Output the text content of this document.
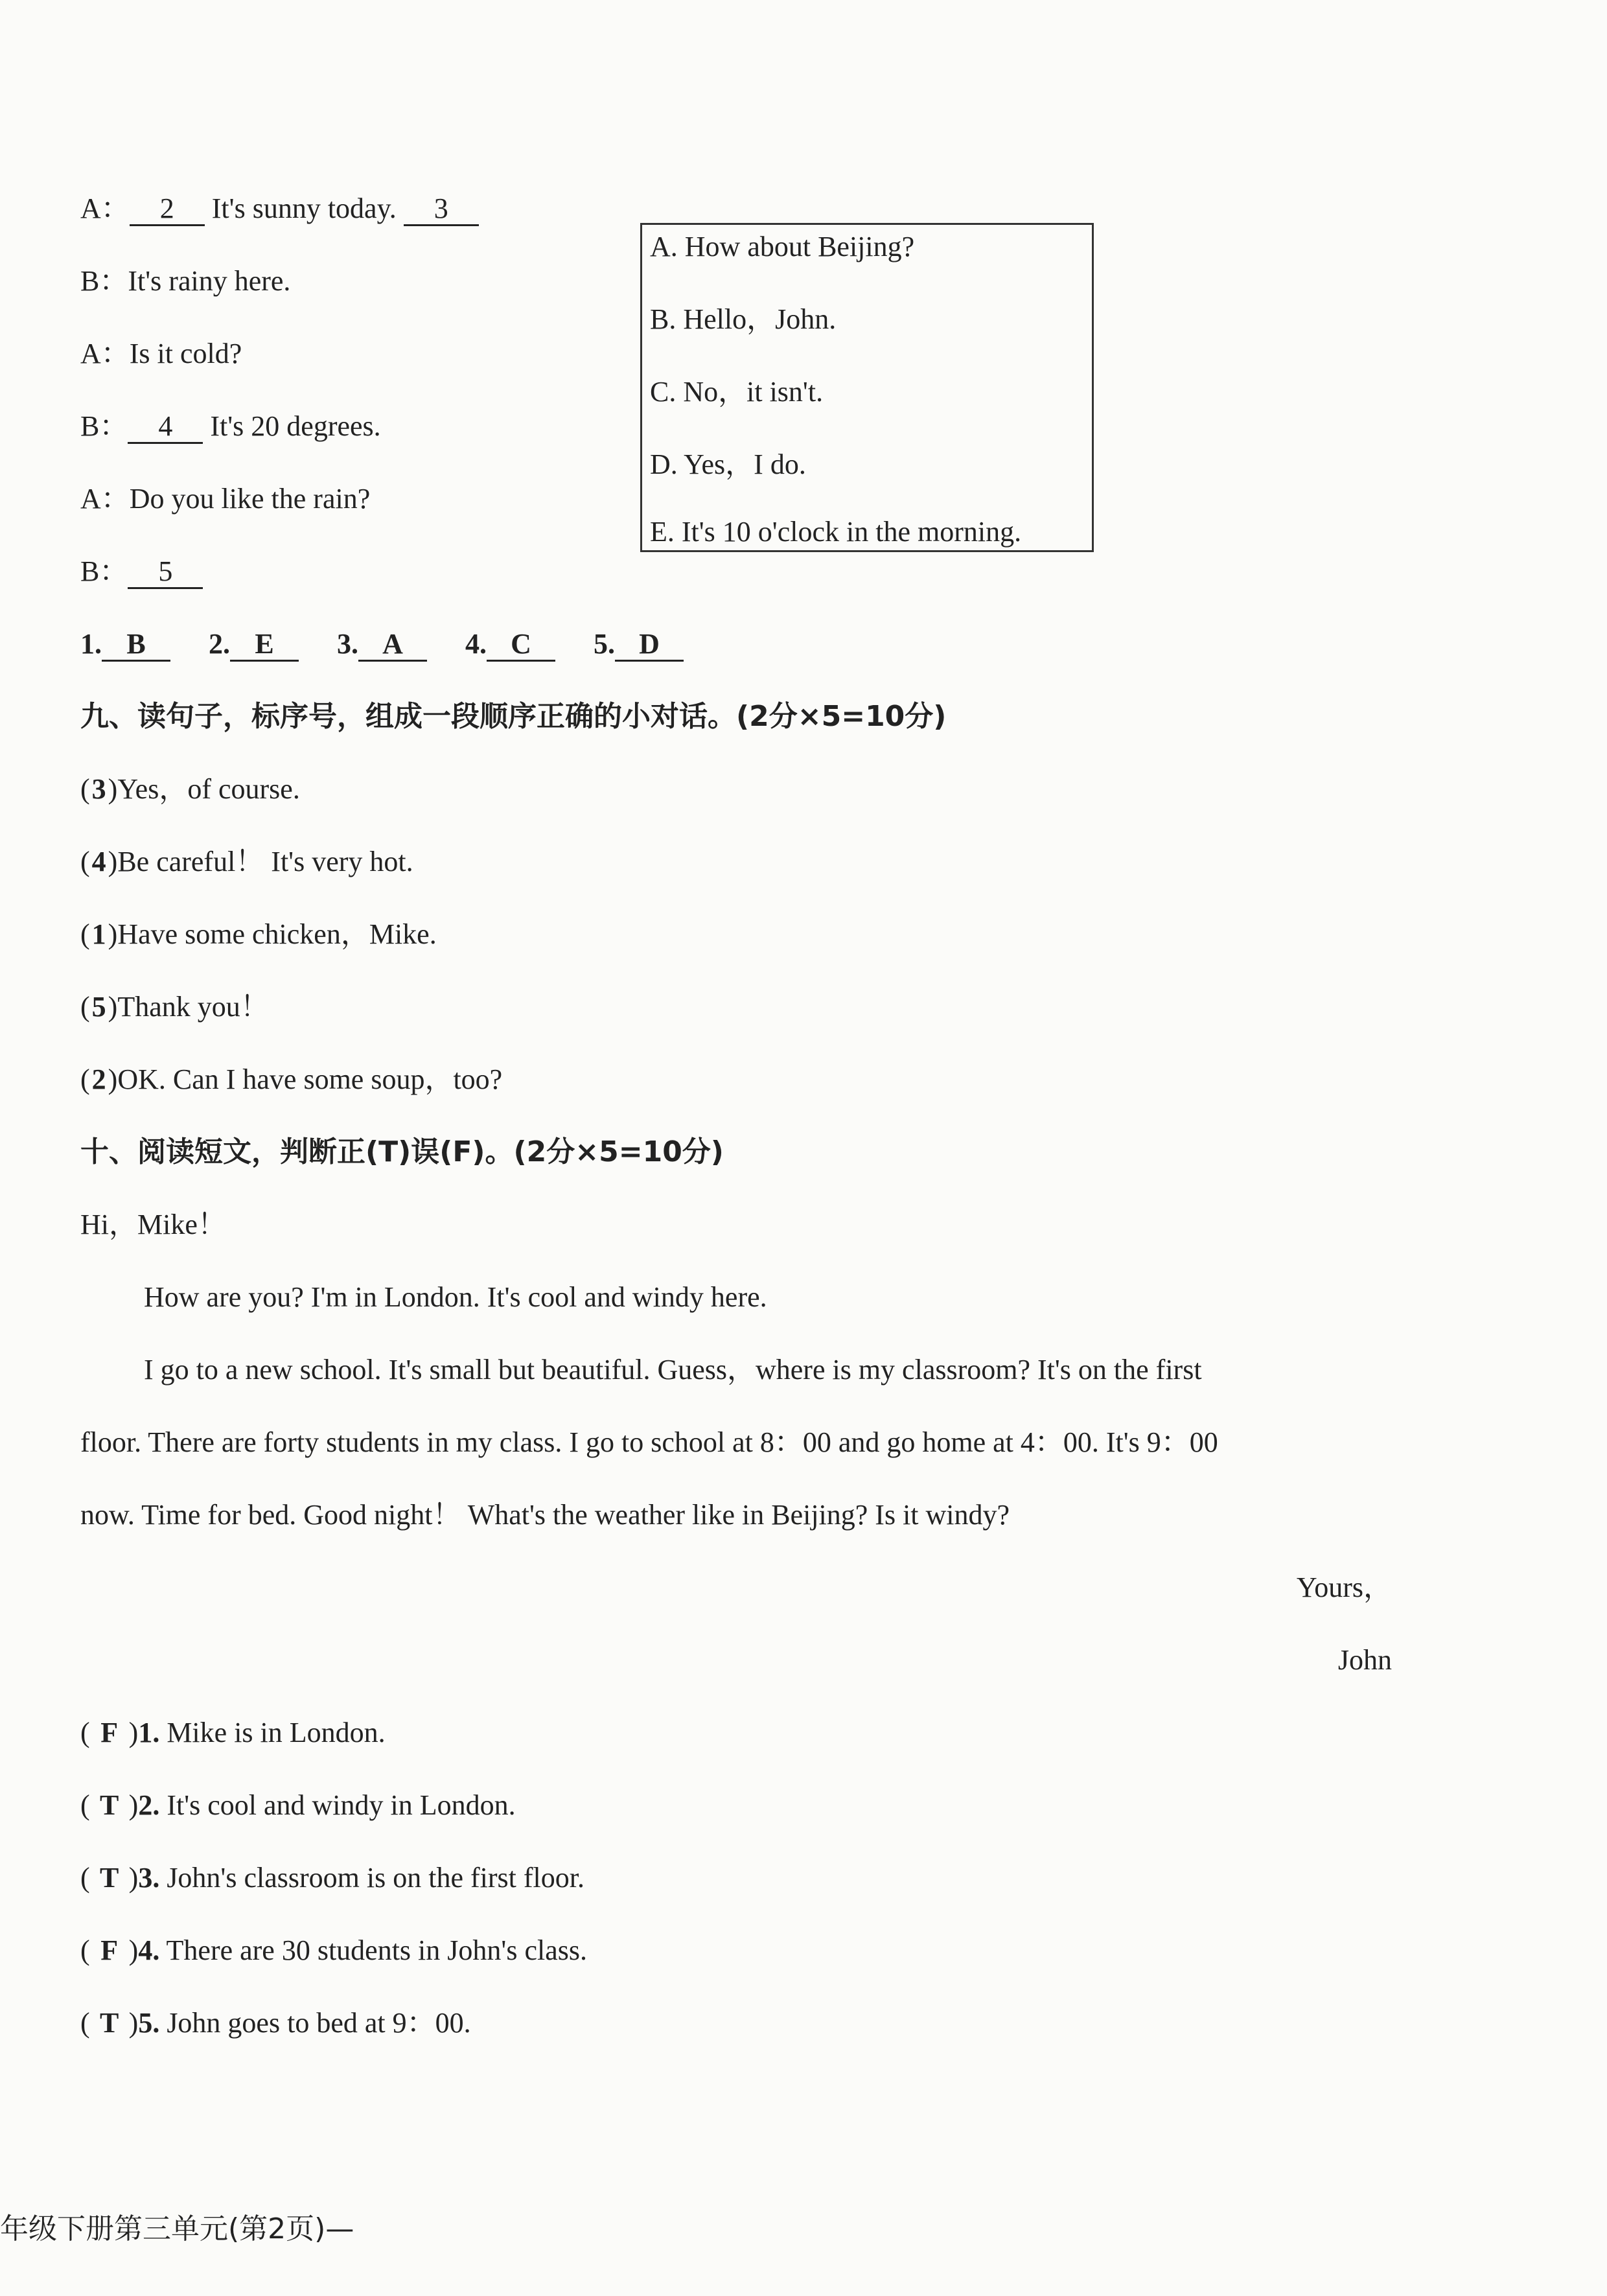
A： 2 It's sunny today. 3
B：It's rainy here.
A：Is it cold?
B： 4 It's 20 degrees.
A：Do you like the rain?
B： 5
A. How about Beijing?
B. Hello，John.
C. No，it isn't.
D. Yes，I do.
E. It's 10 o'clock in the morning.
1. B 2. E 3. A 4. C 5. D
九、读句子，标序号，组成一段顺序正确的小对话。(2分×5=10分)
(3)Yes，of course.
(4)Be careful！ It's very hot.
(1)Have some chicken，Mike.
(5)Thank you！
(2)OK. Can I have some soup，too?
十、阅读短文，判断正(T)误(F)。(2分×5=10分)
Hi，Mike！
How are you? I'm in London. It's cool and windy here.
I go to a new school. It's small but beautiful. Guess，where is my classroom? It's on the first
floor. There are forty students in my class. I go to school at 8：00 and go home at 4：00. It's 9：00
now. Time for bed. Good night！ What's the weather like in Beijing? Is it windy?
Yours，
John
( F )1. Mike is in London.
( T )2. It's cool and windy in London.
( T )3. John's classroom is on the first floor.
( F )4. There are 30 students in John's class.
( T )5. John goes to bed at 9：00.
年级下册第三单元(第2页)—
